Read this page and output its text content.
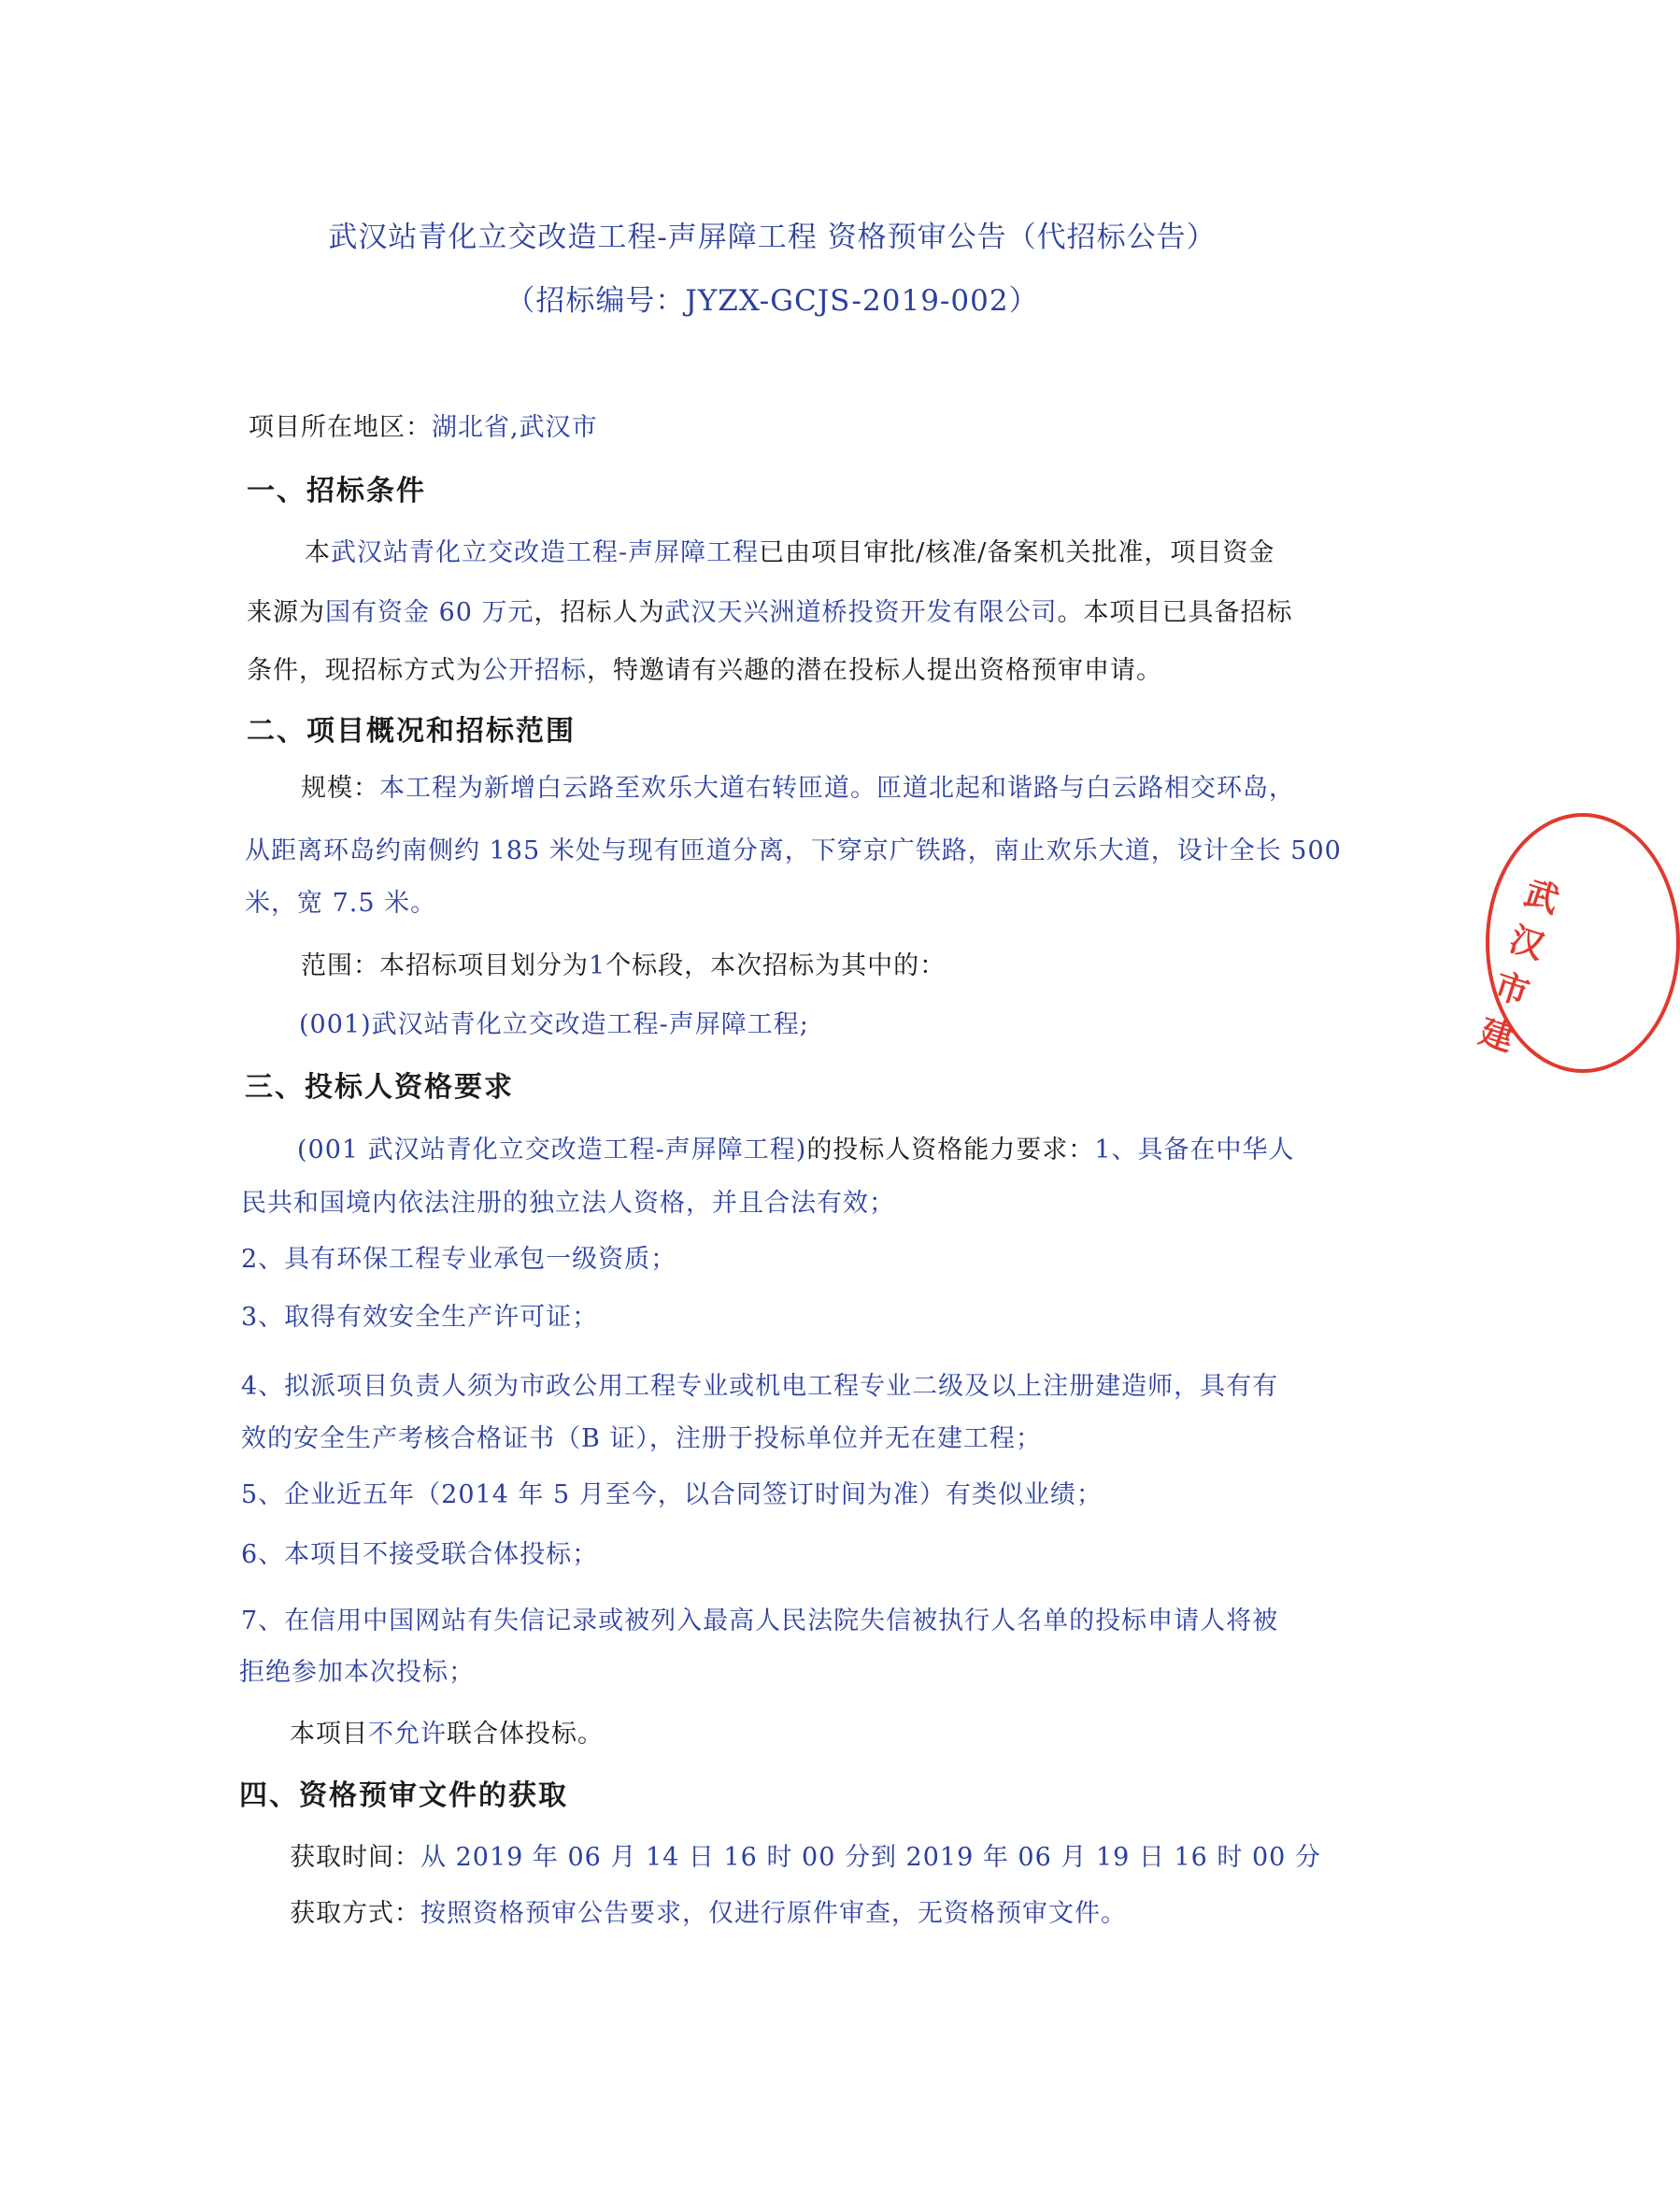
武汉站青化立交改造工程-声屏障工程 资格预审公告（代招标公告）
（招标编号：JYZX-GCJS-2019-002）
项目所在地区：湖北省,武汉市
一、招标条件
本武汉站青化立交改造工程-声屏障工程已由项目审批/核准/备案机关批准，项目资金
来源为国有资金 60 万元，招标人为武汉天兴洲道桥投资开发有限公司。本项目已具备招标
条件，现招标方式为公开招标，特邀请有兴趣的潜在投标人提出资格预审申请。
二、项目概况和招标范围
规模：本工程为新增白云路至欢乐大道右转匝道。匝道北起和谐路与白云路相交环岛，
从距离环岛约南侧约 185 米处与现有匝道分离，下穿京广铁路，南止欢乐大道，设计全长 500
米，宽 7.5 米。
范围：本招标项目划分为1个标段，本次招标为其中的：
(001)武汉站青化立交改造工程-声屏障工程;
三、投标人资格要求
(001 武汉站青化立交改造工程-声屏障工程)的投标人资格能力要求：1、具备在中华人
民共和国境内依法注册的独立法人资格，并且合法有效；
2、具有环保工程专业承包一级资质；
3、取得有效安全生产许可证；
4、拟派项目负责人须为市政公用工程专业或机电工程专业二级及以上注册建造师，具有有
效的安全生产考核合格证书（B 证），注册于投标单位并无在建工程；
5、企业近五年（2014 年 5 月至今，以合同签订时间为准）有类似业绩；
6、本项目不接受联合体投标；
7、在信用中国网站有失信记录或被列入最高人民法院失信被执行人名单的投标申请人将被
拒绝参加本次投标；
本项目不允许联合体投标。
四、资格预审文件的获取
获取时间：从 2019 年 06 月 14 日 16 时 00 分到 2019 年 06 月 19 日 16 时 00 分
获取方式：按照资格预审公告要求，仅进行原件审查，无资格预审文件。
武汉市建
